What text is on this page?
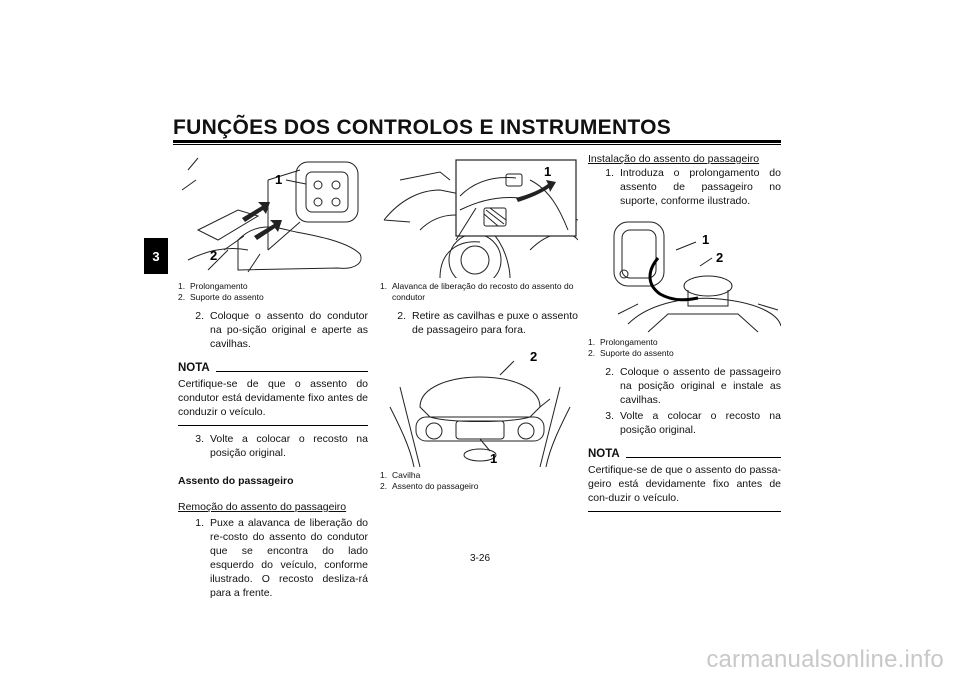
FUNÇÕES DOS CONTROLOS E INSTRUMENTOS
3
1
2
1. Prolongamento
2. Suporte do assento
2. Coloque o assento do condutor na po-sição original e aperte as cavilhas.
NOTA
Certifique-se de que o assento do condutor está devidamente fixo antes de conduzir o veículo.
3. Volte a colocar o recosto na posição original.
Assento do passageiro
Remoção do assento do passageiro
1. Puxe a alavanca de liberação do re-costo do assento do condutor que se encontra do lado esquerdo do veículo, conforme ilustrado. O recosto desliza-rá para a frente.
1
1. Alavanca de liberação do recosto do assento do condutor
2. Retire as cavilhas e puxe o assento de passageiro para fora.
2
1
1. Cavilha
2. Assento do passageiro
Instalação do assento do passageiro
1. Introduza o prolongamento do assento de passageiro no suporte, conforme ilustrado.
1
2
1. Prolongamento
2. Suporte do assento
2. Coloque o assento de passageiro na posição original e instale as cavilhas.
3. Volte a colocar o recosto na posição original.
NOTA
Certifique-se de que o assento do passa-geiro está devidamente fixo antes de con-duzir o veículo.
3-26
carmanualsonline.info
